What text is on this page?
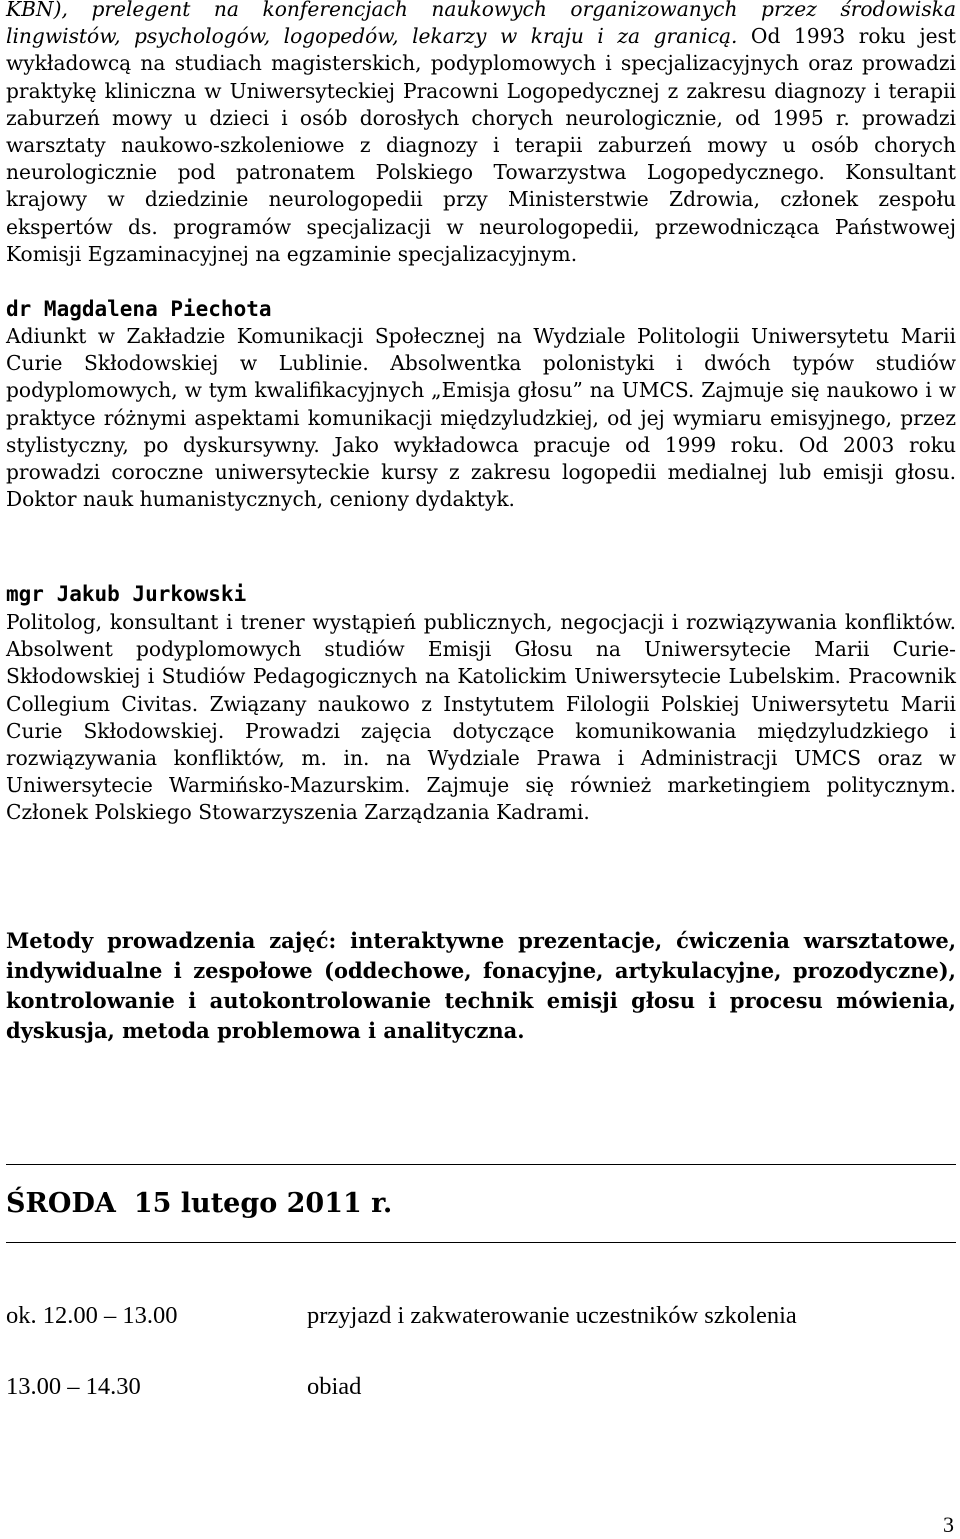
KBN), prelegent na konferencjach naukowych organizowanych przez środowiska lingwistów, psychologów, logopedów, lekarzy w kraju i za granicą. Od 1993 roku jest wykładowcą na studiach magisterskich, podyplomowych i specjalizacyjnych oraz prowadzi praktykę kliniczna w Uniwersyteckiej Pracowni Logopedycznej z zakresu diagnozy i terapii zaburzeń mowy u dzieci i osób dorosłych chorych neurologicznie, od 1995 r. prowadzi warsztaty naukowo-szkoleniowe z diagnozy i terapii zaburzeń mowy u osób chorych neurologicznie pod patronatem Polskiego Towarzystwa Logopedycznego. Konsultant krajowy w dziedzinie neurologopedii przy Ministerstwie Zdrowia, członek zespołu ekspertów ds. programów specjalizacji w neurologopedii, przewodnicząca Państwowej Komisji Egzaminacyjnej na egzaminie specjalizacyjnym.

dr Magdalena Piechota

Adiunkt w Zakładzie Komunikacji Społecznej na Wydziale Politologii Uniwersytetu Marii Curie Skłodowskiej w Lublinie. Absolwentka polonistyki i dwóch typów studiów podyplomowych, w tym kwalifikacyjnych „Emisja głosu” na UMCS. Zajmuje się naukowo i w praktyce różnymi aspektami komunikacji międzyludzkiej, od jej wymiaru emisyjnego, przez stylistyczny, po dyskursywny. Jako wykładowca pracuje od 1999 roku. Od 2003 roku prowadzi coroczne uniwersyteckie kursy z zakresu logopedii medialnej lub emisji głosu. Doktor nauk humanistycznych, ceniony dydaktyk.

mgr Jakub Jurkowski

Politolog, konsultant i trener wystąpień publicznych, negocjacji i rozwiązywania konfliktów. Absolwent podyplomowych studiów Emisji Głosu na Uniwersytecie Marii Curie-Skłodowskiej i Studiów Pedagogicznych na Katolickim Uniwersytecie Lubelskim. Pracownik Collegium Civitas. Związany naukowo z Instytutem Filologii Polskiej Uniwersytetu Marii Curie Skłodowskiej. Prowadzi zajęcia dotyczące komunikowania międzyludzkiego i rozwiązywania konfliktów, m. in. na Wydziale Prawa i Administracji UMCS oraz w Uniwersytecie Warmińsko-Mazurskim. Zajmuje się również marketingiem politycznym. Członek Polskiego Stowarzyszenia Zarządzania Kadrami.

Metody prowadzenia zajęć: interaktywne prezentacje, ćwiczenia warsztatowe, indywidualne i zespołowe (oddechowe, fonacyjne, artykulacyjne, prozodyczne), kontrolowanie i autokontrolowanie technik emisji głosu i procesu mówienia, dyskusja, metoda problemowa i analityczna.

ŚRODA 15 lutego 2011 r.

ok. 12.00 – 13.00	przyjazd i zakwaterowanie uczestników szkolenia

13.00 – 14.30	obiad

3
